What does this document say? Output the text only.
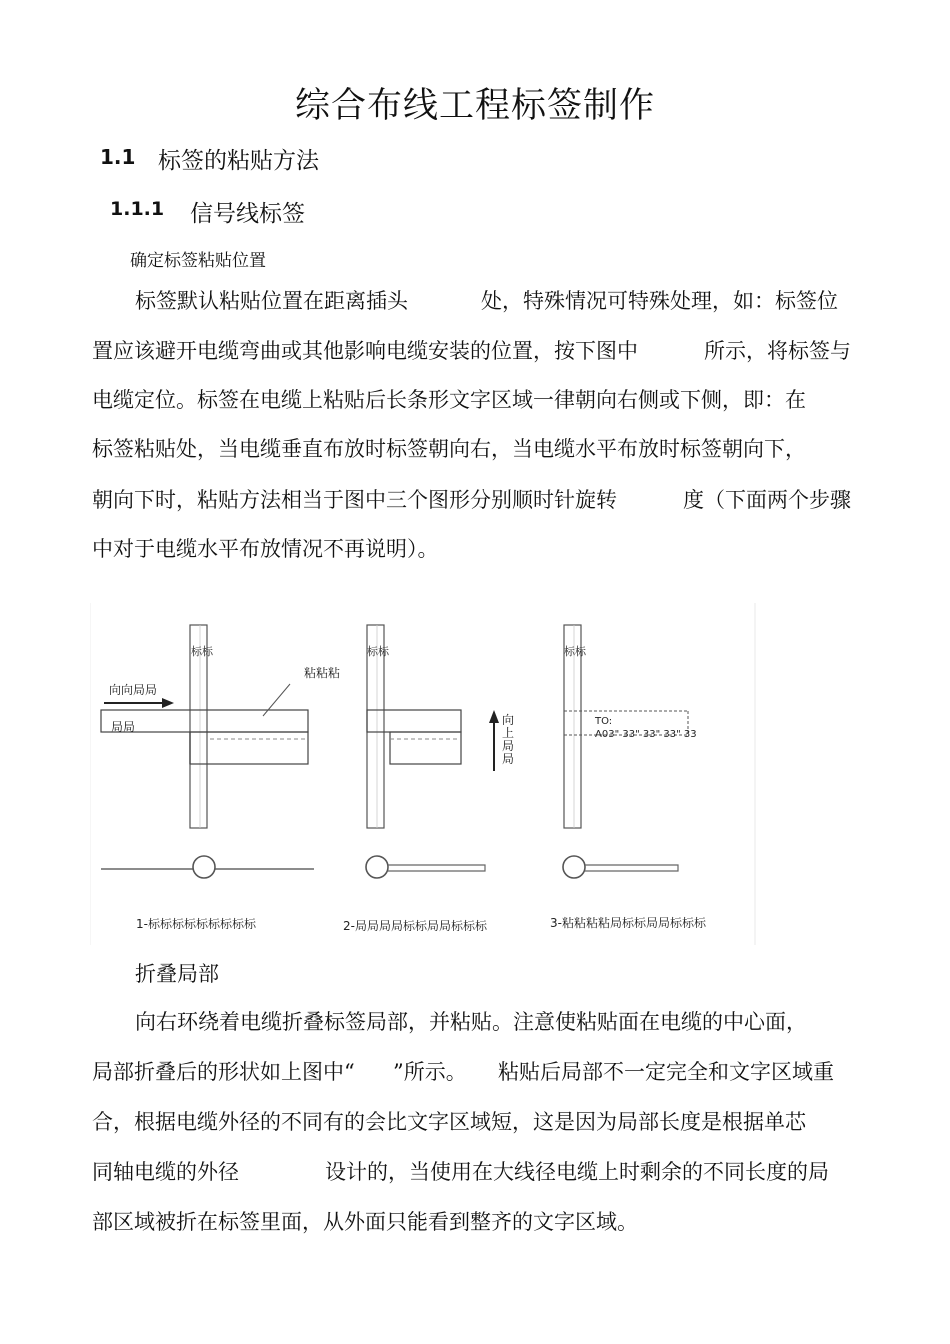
综合布线工程标签制作
1.1 标签的粘贴方法
1.1.1 信号线标签
确定标签粘贴位置
标签默认粘贴位置在距离插头	处，特殊情况可特殊处理，如：标签位
置应该避开电缆弯曲或其他影响电缆安装的位置，按下图中	所示，将标签与
电缆定位。标签在电缆上粘贴后长条形文字区域一律朝向右侧或下侧，即：在
标签粘贴处，当电缆垂直布放时标签朝向右，当电缆水平布放时标签朝向下，
朝向下时，粘贴方法相当于图中三个图形分别顺时针旋转	度（下面两个步骤
中对于电缆水平布放情况不再说明）。
标标
向向局局
局局
粘粘粘
1-标标标标标标标标标
标标
向
上
局
局
2-局局局局标标局局标标标
标标
TO:
A03" 33" 33" 33" 33
3-粘粘粘粘局标标局局标标标
折叠局部
向右环绕着电缆折叠标签局部，并粘贴。注意使粘贴面在电缆的中心面，
局部折叠后的形状如上图中“ ”所示。 粘贴后局部不一定完全和文字区域重
合，根据电缆外径的不同有的会比文字区域短，这是因为局部长度是根据单芯
同轴电缆的外径	设计的，当使用在大线径电缆上时剩余的不同长度的局
部区域被折在标签里面，从外面只能看到整齐的文字区域。
